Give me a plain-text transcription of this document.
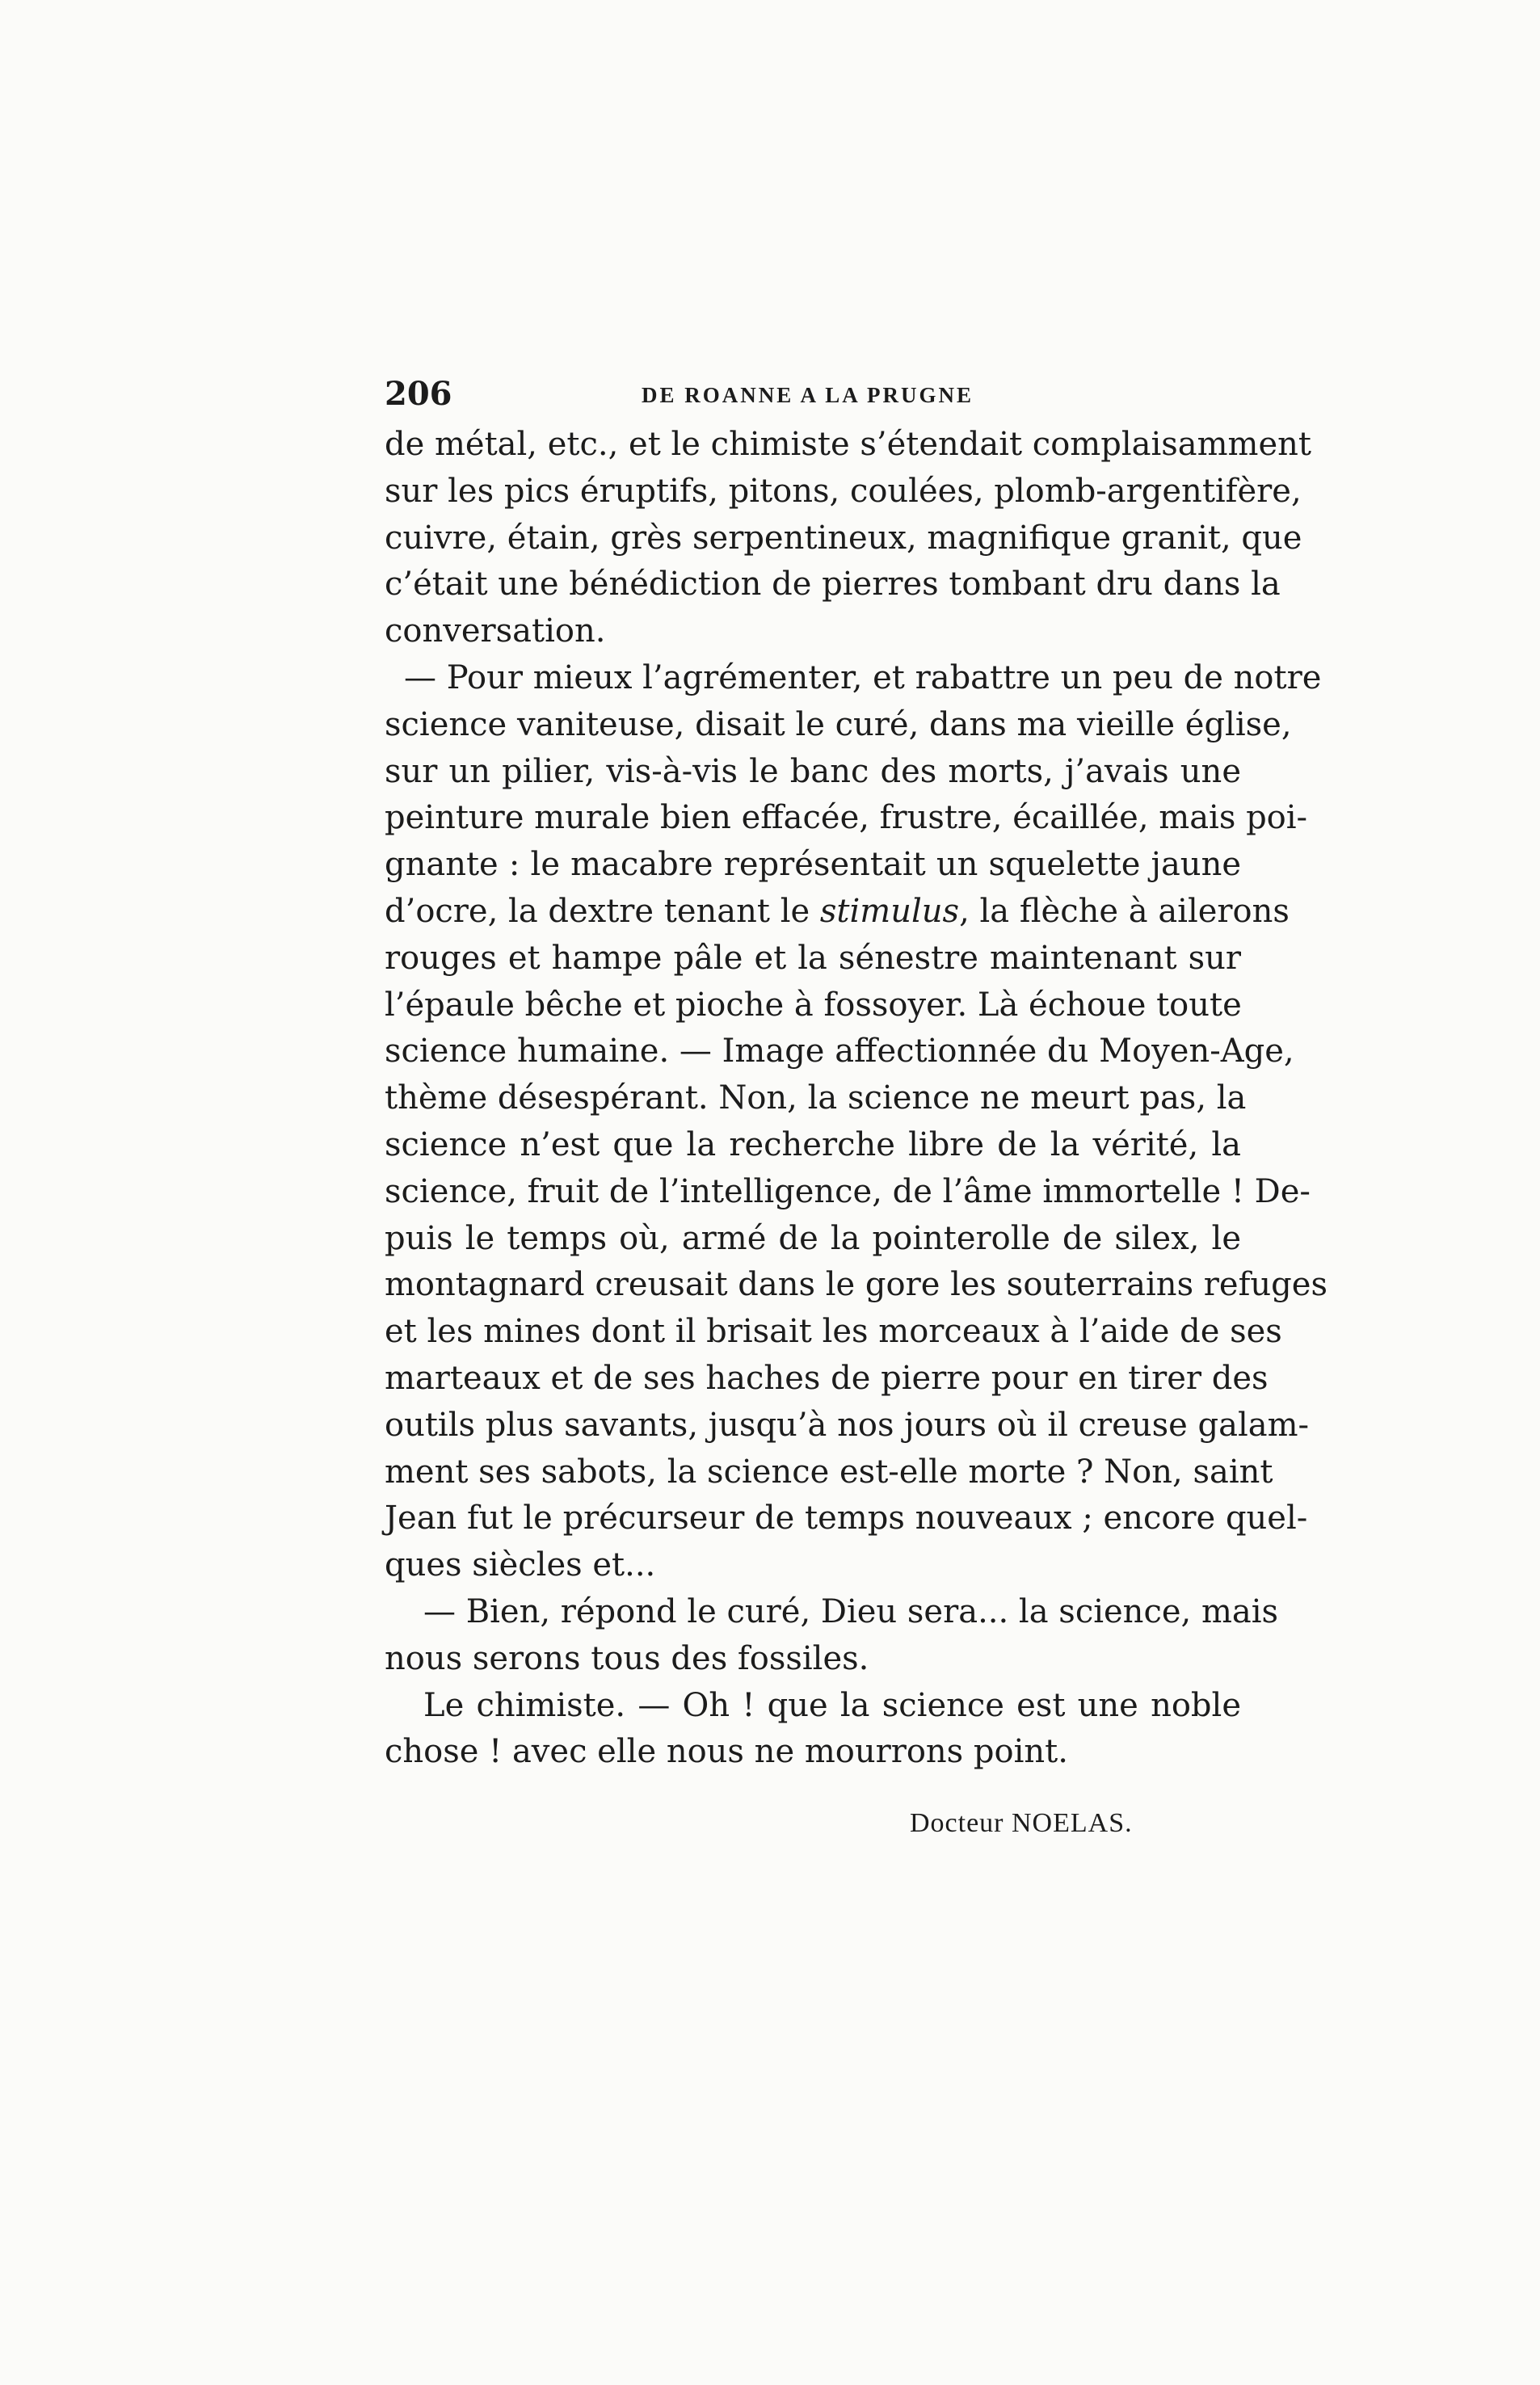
206	DE ROANNE A LA PRUGNE
de métal, etc., et le chimiste s’étendait complaisamment
sur les pics éruptifs, pitons, coulées, plomb-argentifère,
cuivre, étain, grès serpentineux, magnifique granit, que
c’était une bénédiction de pierres tombant dru dans la
conversation.
— Pour mieux l’agrémenter, et rabattre un peu de notre
science vaniteuse, disait le curé, dans ma vieille église,
sur un pilier, vis-à-vis le banc des morts, j’avais une
peinture murale bien effacée, frustre, écaillée, mais poi-
gnante : le macabre représentait un squelette jaune
d’ocre, la dextre tenant le stimulus, la flèche à ailerons
rouges et hampe pâle et la sénestre maintenant sur
l’épaule bêche et pioche à fossoyer. Là échoue toute
science humaine. — Image affectionnée du Moyen-Age,
thème désespérant. Non, la science ne meurt pas, la
science n’est que la recherche libre de la vérité, la
science, fruit de l’intelligence, de l’âme immortelle ! De-
puis le temps où, armé de la pointerolle de silex, le
montagnard creusait dans le gore les souterrains refuges
et les mines dont il brisait les morceaux à l’aide de ses
marteaux et de ses haches de pierre pour en tirer des
outils plus savants, jusqu’à nos jours où il creuse galam-
ment ses sabots, la science est-elle morte ? Non, saint
Jean fut le précurseur de temps nouveaux ; encore quel-
ques siècles et...
— Bien, répond le curé, Dieu sera... la science, mais
nous serons tous des fossiles.
Le chimiste. — Oh ! que la science est une noble
chose ! avec elle nous ne mourrons point.
Docteur NOELAS.
